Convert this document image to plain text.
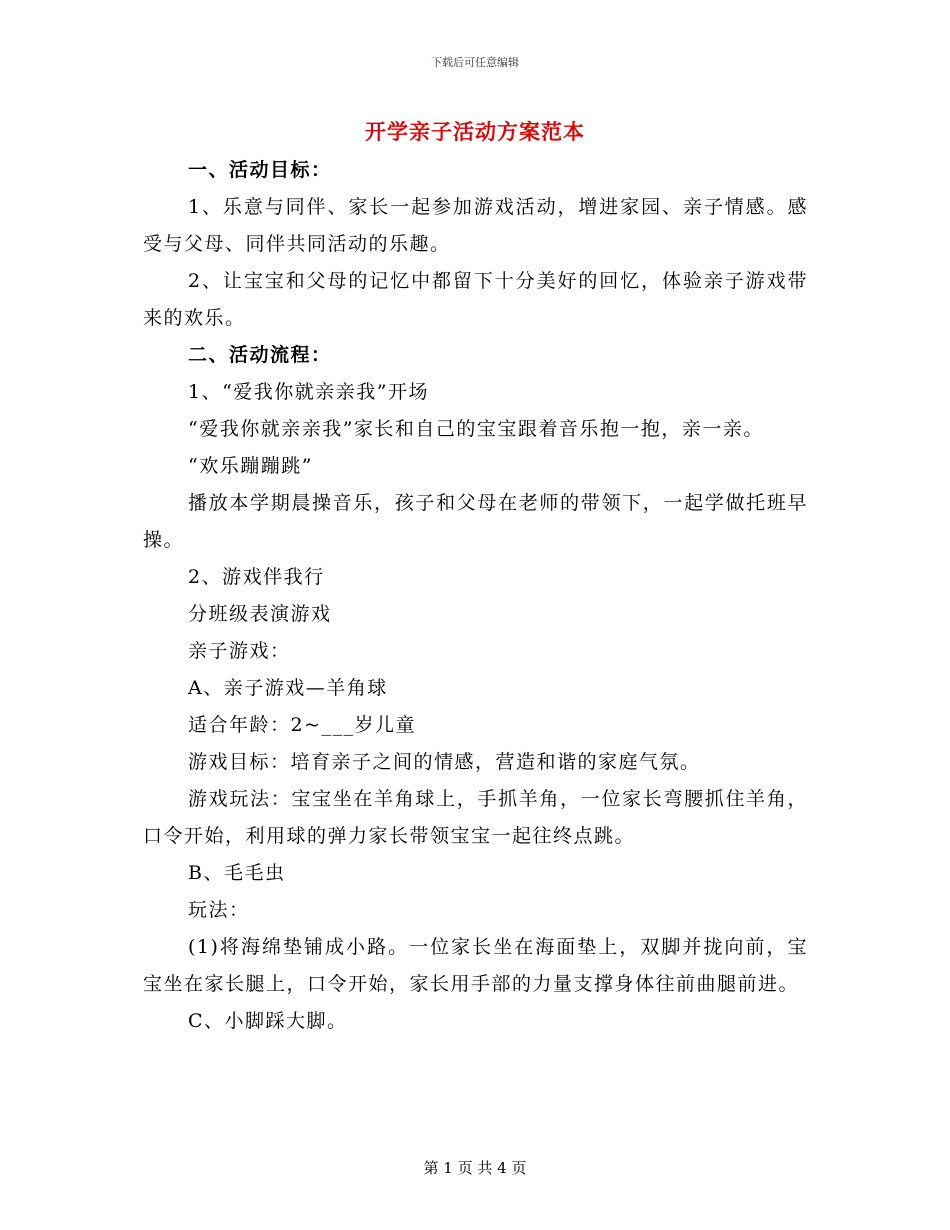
下载后可任意编辑
开学亲子活动方案范本

一、活动目标：

1、乐意与同伴、家长一起参加游戏活动，增进家园、亲子情感。感受与父母、同伴共同活动的乐趣。

2、让宝宝和父母的记忆中都留下十分美好的回忆，体验亲子游戏带来的欢乐。

二、活动流程：

1、“爱我你就亲亲我”开场

“爱我你就亲亲我”家长和自己的宝宝跟着音乐抱一抱，亲一亲。

“欢乐蹦蹦跳”

播放本学期晨操音乐，孩子和父母在老师的带领下，一起学做托班早操。

2、游戏伴我行

分班级表演游戏

亲子游戏：

A、亲子游戏—羊角球

适合年龄：2~___岁儿童

游戏目标：培育亲子之间的情感，营造和谐的家庭气氛。

游戏玩法：宝宝坐在羊角球上，手抓羊角，一位家长弯腰抓住羊角，口令开始，利用球的弹力家长带领宝宝一起往终点跳。

B、毛毛虫

玩法：

(1)将海绵垫铺成小路。一位家长坐在海面垫上，双脚并拢向前，宝宝坐在家长腿上，口令开始，家长用手部的力量支撑身体往前曲腿前进。

C、小脚踩大脚。

第 1 页 共 4 页
